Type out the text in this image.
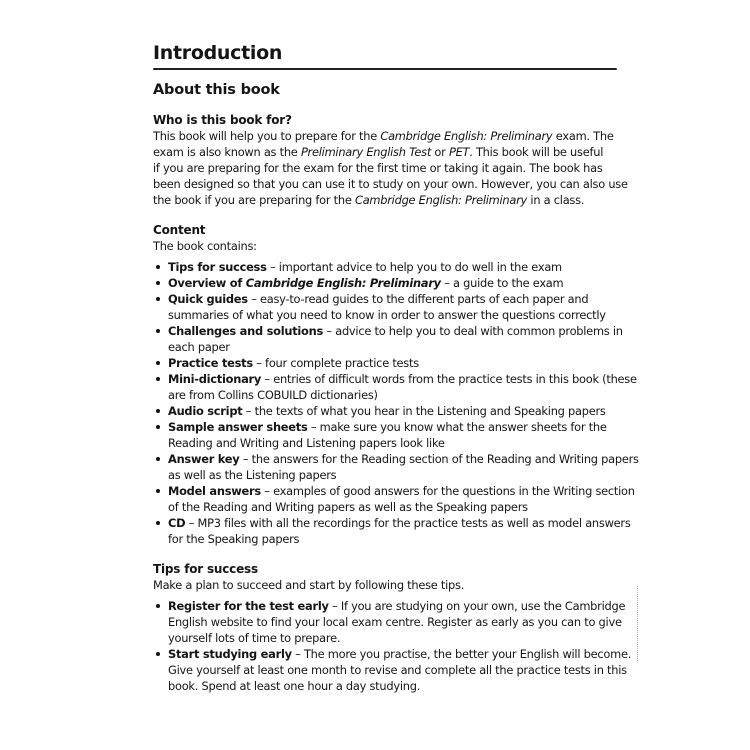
Introduction
About this book
Who is this book for?
This book will help you to prepare for the Cambridge English: Preliminary exam. The
exam is also known as the Preliminary English Test or PET. This book will be useful
if you are preparing for the exam for the first time or taking it again. The book has
been designed so that you can use it to study on your own. However, you can also use
the book if you are preparing for the Cambridge English: Preliminary in a class.
Content
The book contains:
Tips for success – important advice to help you to do well in the exam
Overview of Cambridge English: Preliminary – a guide to the exam
Quick guides – easy-to-read guides to the different parts of each paper and
summaries of what you need to know in order to answer the questions correctly
Challenges and solutions – advice to help you to deal with common problems in
each paper
Practice tests – four complete practice tests
Mini-dictionary – entries of difficult words from the practice tests in this book (these
are from Collins COBUILD dictionaries)
Audio script – the texts of what you hear in the Listening and Speaking papers
Sample answer sheets – make sure you know what the answer sheets for the
Reading and Writing and Listening papers look like
Answer key – the answers for the Reading section of the Reading and Writing papers
as well as the Listening papers
Model answers – examples of good answers for the questions in the Writing section
of the Reading and Writing papers as well as the Speaking papers
CD – MP3 files with all the recordings for the practice tests as well as model answers
for the Speaking papers
Tips for success
Make a plan to succeed and start by following these tips.
Register for the test early – If you are studying on your own, use the Cambridge
English website to find your local exam centre. Register as early as you can to give
yourself lots of time to prepare.
Start studying early – The more you practise, the better your English will become.
Give yourself at least one month to revise and complete all the practice tests in this
book. Spend at least one hour a day studying.
